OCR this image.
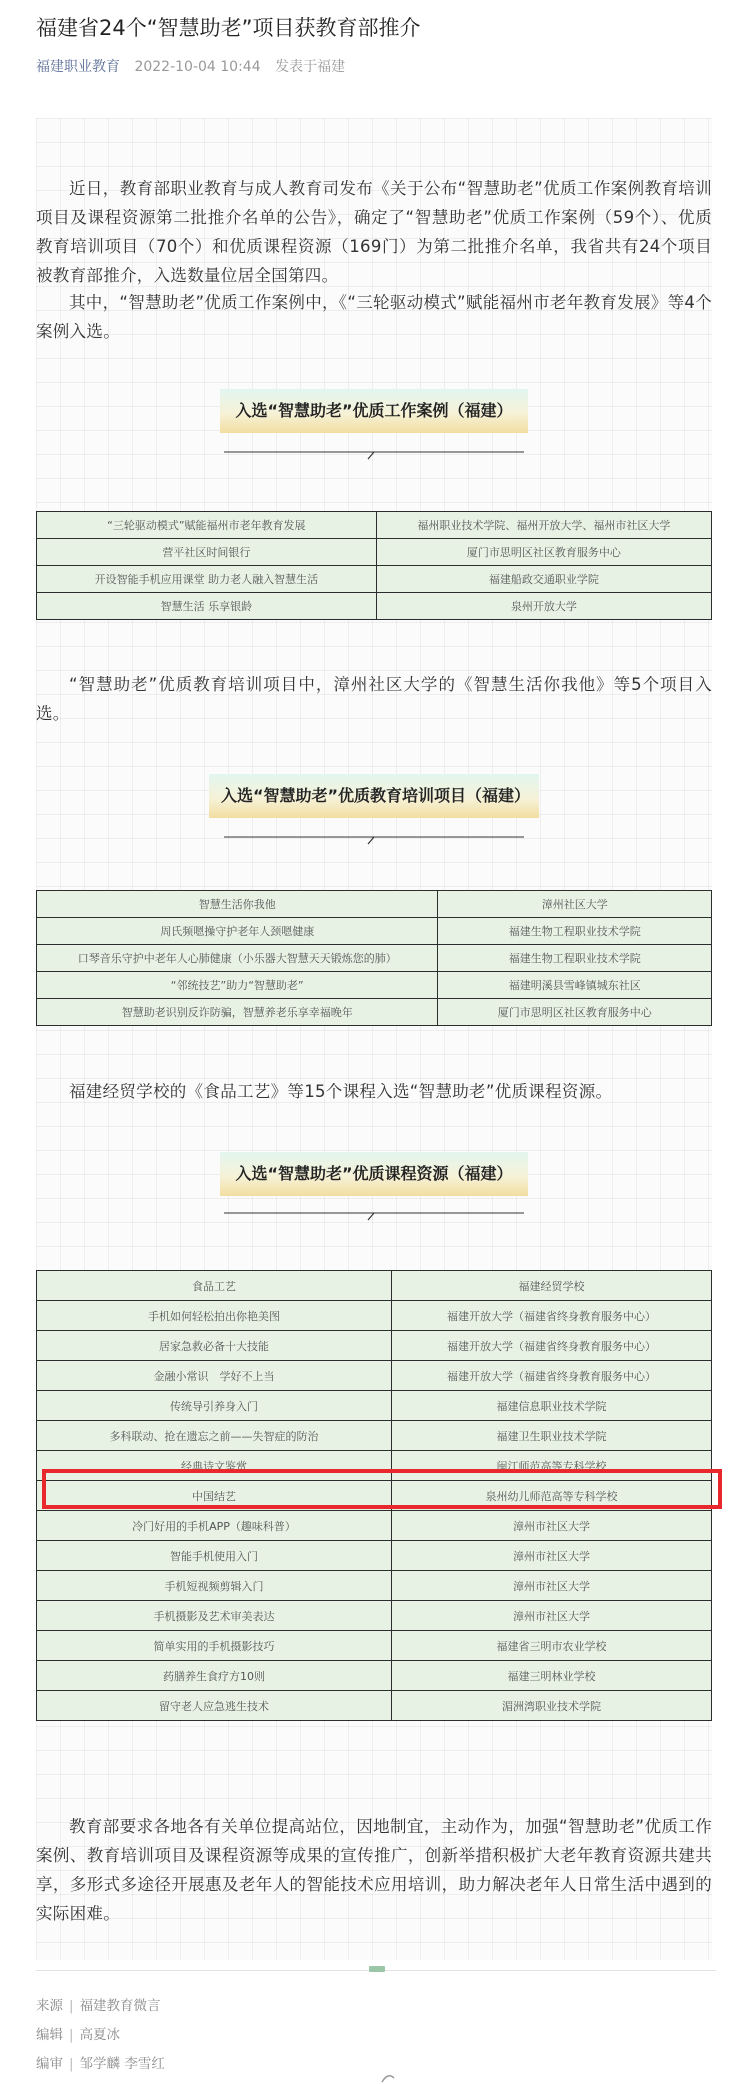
福建省24个“智慧助老”项目获教育部推介
福建职业教育 2022-10-04 10:44 发表于福建

近日，教育部职业教育与成人教育司发布《关于公布“智慧助老”优质工作案例教育培训项目及课程资源第二批推介名单的公告》，确定了“智慧助老”优质工作案例（59个）、优质教育培训项目（70个）和优质课程资源（169门）为第二批推介名单，我省共有24个项目被教育部推介，入选数量位居全国第四。

其中，“智慧助老”优质工作案例中，《“三轮驱动模式”赋能福州市老年教育发展》等4个案例入选。

入选“智慧助老”优质工作案例（福建）
“三轮驱动模式”赋能福州市老年教育发展	福州职业技术学院、福州开放大学、福州市社区大学
营平社区时间银行	厦门市思明区社区教育服务中心
开设智能手机应用课堂 助力老人融入智慧生活	福建船政交通职业学院
智慧生活 乐享银龄	泉州开放大学

“智慧助老”优质教育培训项目中，漳州社区大学的《智慧生活你我他》等5个项目入选。

入选“智慧助老”优质教育培训项目（福建）
智慧生活你我他	漳州社区大学
周氏频嗯操守护老年人颈嗯健康	福建生物工程职业技术学院
口琴音乐守护中老年人心肺健康（小乐器大智慧天天锻炼您的肺）	福建生物工程职业技术学院
“邻统技艺”助力“智慧助老”	福建明溪县雪峰镇城东社区
智慧助老识别反诈防骗，智慧养老乐享幸福晚年	厦门市思明区社区教育服务中心

福建经贸学校的《食品工艺》等15个课程入选“智慧助老”优质课程资源。

入选“智慧助老”优质课程资源（福建）
食品工艺	福建经贸学校
手机如何轻松拍出你艳美图	福建开放大学（福建省终身教育服务中心）
居家急救必备十大技能	福建开放大学（福建省终身教育服务中心）
金融小常识　学好不上当	福建开放大学（福建省终身教育服务中心）
传统导引养身入门	福建信息职业技术学院
多科联动、抢在遗忘之前——失智症的防治	福建卫生职业技术学院
经典诗文鉴赏	闽江师范高等专科学校
中国结艺	泉州幼儿师范高等专科学校
冷门好用的手机APP（趣味科普）	漳州市社区大学
智能手机使用入门	漳州市社区大学
手机短视频剪辑入门	漳州市社区大学
手机摄影及艺术审美表达	漳州市社区大学
简单实用的手机摄影技巧	福建省三明市农业学校
药膳养生食疗方10则	福建三明林业学校
留守老人应急逃生技术	湄洲湾职业技术学院

教育部要求各地各有关单位提高站位，因地制宜，主动作为，加强“智慧助老”优质工作案例、教育培训项目及课程资源等成果的宣传推广，创新举措积极扩大老年教育资源共建共享，多形式多途径开展惠及老年人的智能技术应用培训，助力解决老年人日常生活中遇到的实际困难。

来源 | 福建教育微言
编辑 | 高夏冰
编审 | 邹学麟 李雪红
